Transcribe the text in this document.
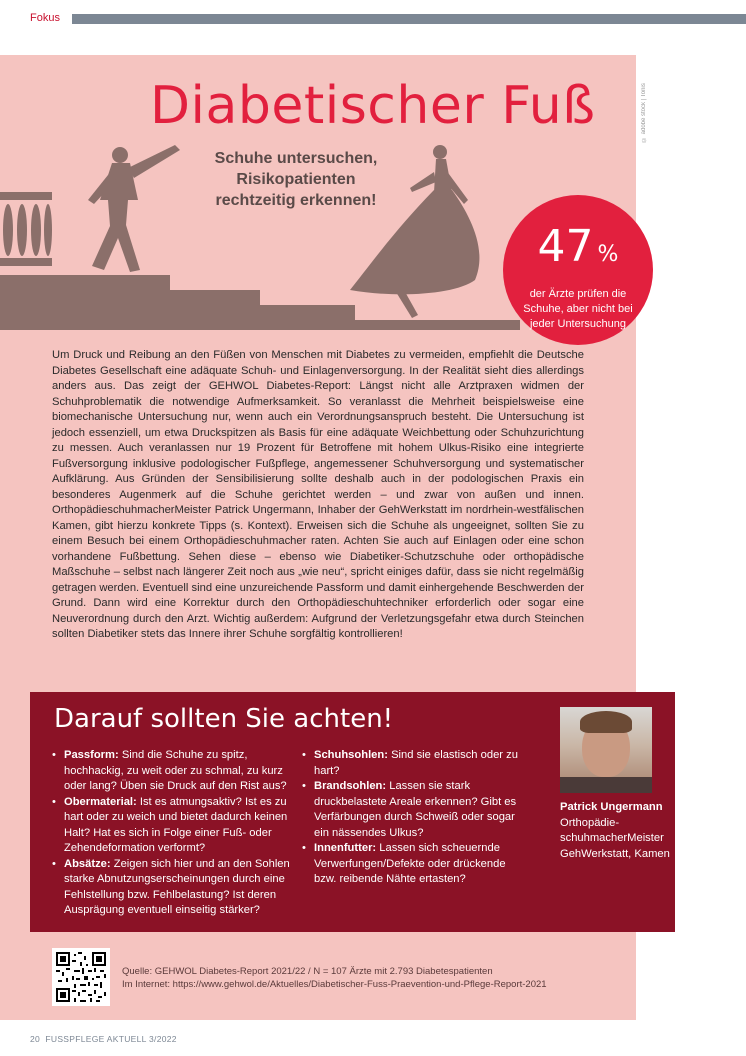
Fokus
© adobe stock | Tonis
Diabetischer Fuß
Schuhe untersuchen, Risikopatienten rechtzeitig erkennen!
47 %
der Ärzte prüfen die Schuhe, aber nicht bei jeder Untersuchung

Um Druck und Reibung an den Füßen von Menschen mit Diabetes zu vermeiden, empfiehlt die Deutsche Diabetes Gesellschaft eine adäquate Schuh- und Einlagenversorgung. In der Realität sieht dies allerdings anders aus. Das zeigt der GEHWOL Diabetes-Report: Längst nicht alle Arztpraxen widmen der Schuhproblematik die notwendige Aufmerksamkeit. So veranlasst die Mehrheit beispielsweise eine biomechanische Untersuchung nur, wenn auch ein Verordnungsanspruch besteht. Die Untersuchung ist jedoch essenziell, um etwa Druckspitzen als Basis für eine adäquate Weichbettung oder Schuhzurichtung zu messen. Auch veranlassen nur 19 Prozent für Betroffene mit hohem Ulkus-Risiko eine integrierte Fußversorgung inklusive podologischer Fußpflege, angemessener Schuhversorgung und systematischer Aufklärung. Aus Gründen der Sensibilisierung sollte deshalb auch in der podologischen Praxis ein besonderes Augenmerk auf die Schuhe gerichtet werden – und zwar von außen und innen. OrthopädieschuhmacherMeister Patrick Ungermann, Inhaber der GehWerkstatt im nordrhein-westfälischen Kamen, gibt hierzu konkrete Tipps (s. Kontext). Erweisen sich die Schuhe als ungeeignet, sollten Sie zu einem Besuch bei einem Orthopädieschuhmacher raten. Achten Sie auch auf Einlagen oder eine schon vorhandene Fußbettung. Sehen diese – ebenso wie Diabetiker-Schutzschuhe oder orthopädische Maßschuhe – selbst nach längerer Zeit noch aus „wie neu“, spricht einiges dafür, dass sie nicht regelmäßig getragen werden. Eventuell sind eine unzureichende Passform und damit einhergehende Beschwerden der Grund. Dann wird eine Korrektur durch den Orthopädieschuhtechniker erforderlich oder sogar eine Neuverordnung durch den Arzt. Wichtig außerdem: Aufgrund der Verletzungsgefahr etwa durch Steinchen sollten Diabetiker stets das Innere ihrer Schuhe sorgfältig kontrollieren!

Darauf sollten Sie achten!
• Passform: Sind die Schuhe zu spitz, hochhackig, zu weit oder zu schmal, zu kurz oder lang? Üben sie Druck auf den Rist aus?
• Obermaterial: Ist es atmungsaktiv? Ist es zu hart oder zu weich und bietet dadurch keinen Halt? Hat es sich in Folge einer Fuß- oder Zehendeformation verformt?
• Absätze: Zeigen sich hier und an den Sohlen starke Abnutzungserscheinungen durch eine Fehlstellung bzw. Fehlbelastung? Ist deren Ausprägung eventuell einseitig stärker?
• Schuhsohlen: Sind sie elastisch oder zu hart?
• Brandsohlen: Lassen sie stark druckbelastete Areale erkennen? Gibt es Verfärbungen durch Schweiß oder sogar ein nässendes Ulkus?
• Innenfutter: Lassen sich scheuernde Verwerfungen/Defekte oder drückende bzw. reibende Nähte ertasten?
Patrick Ungermann
OrthopädieschuhmacherMeister GehWerkstatt, Kamen
Quelle: GEHWOL Diabetes-Report 2021/22 / N = 107 Ärzte mit 2.793 Diabetespatienten
Im Internet: https://www.gehwol.de/Aktuelles/Diabetischer-Fuss-Praevention-und-Pflege-Report-2021
20 FUSSPFLEGE AKTUELL 3/2022
